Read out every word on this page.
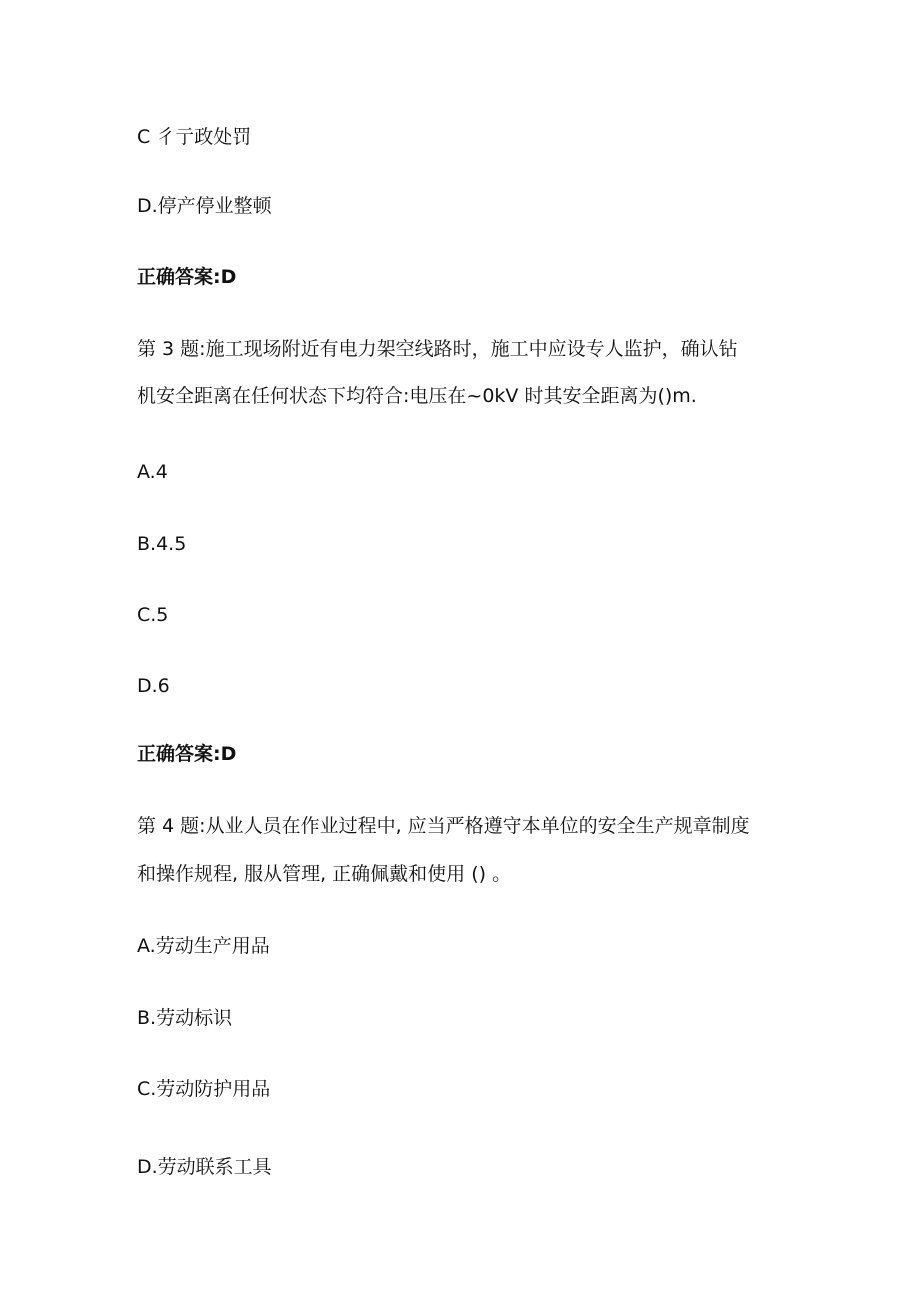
C 彳亍政处罚
D.停产停业整顿
正确答案:D
第 3 题:施工现场附近有电力架空线路时，施工中应设专人监护，确认钻
机安全距离在任何状态下均符合:电压在~0kV 时其安全距离为()m.
A.4
B.4.5
C.5
D.6
正确答案:D
第 4 题:从业人员在作业过程中, 应当严格遵守本单位的安全生产规章制度
和操作规程, 服从管理, 正确佩戴和使用 () 。
A.劳动生产用品
B.劳动标识
C.劳动防护用品
D.劳动联系工具
